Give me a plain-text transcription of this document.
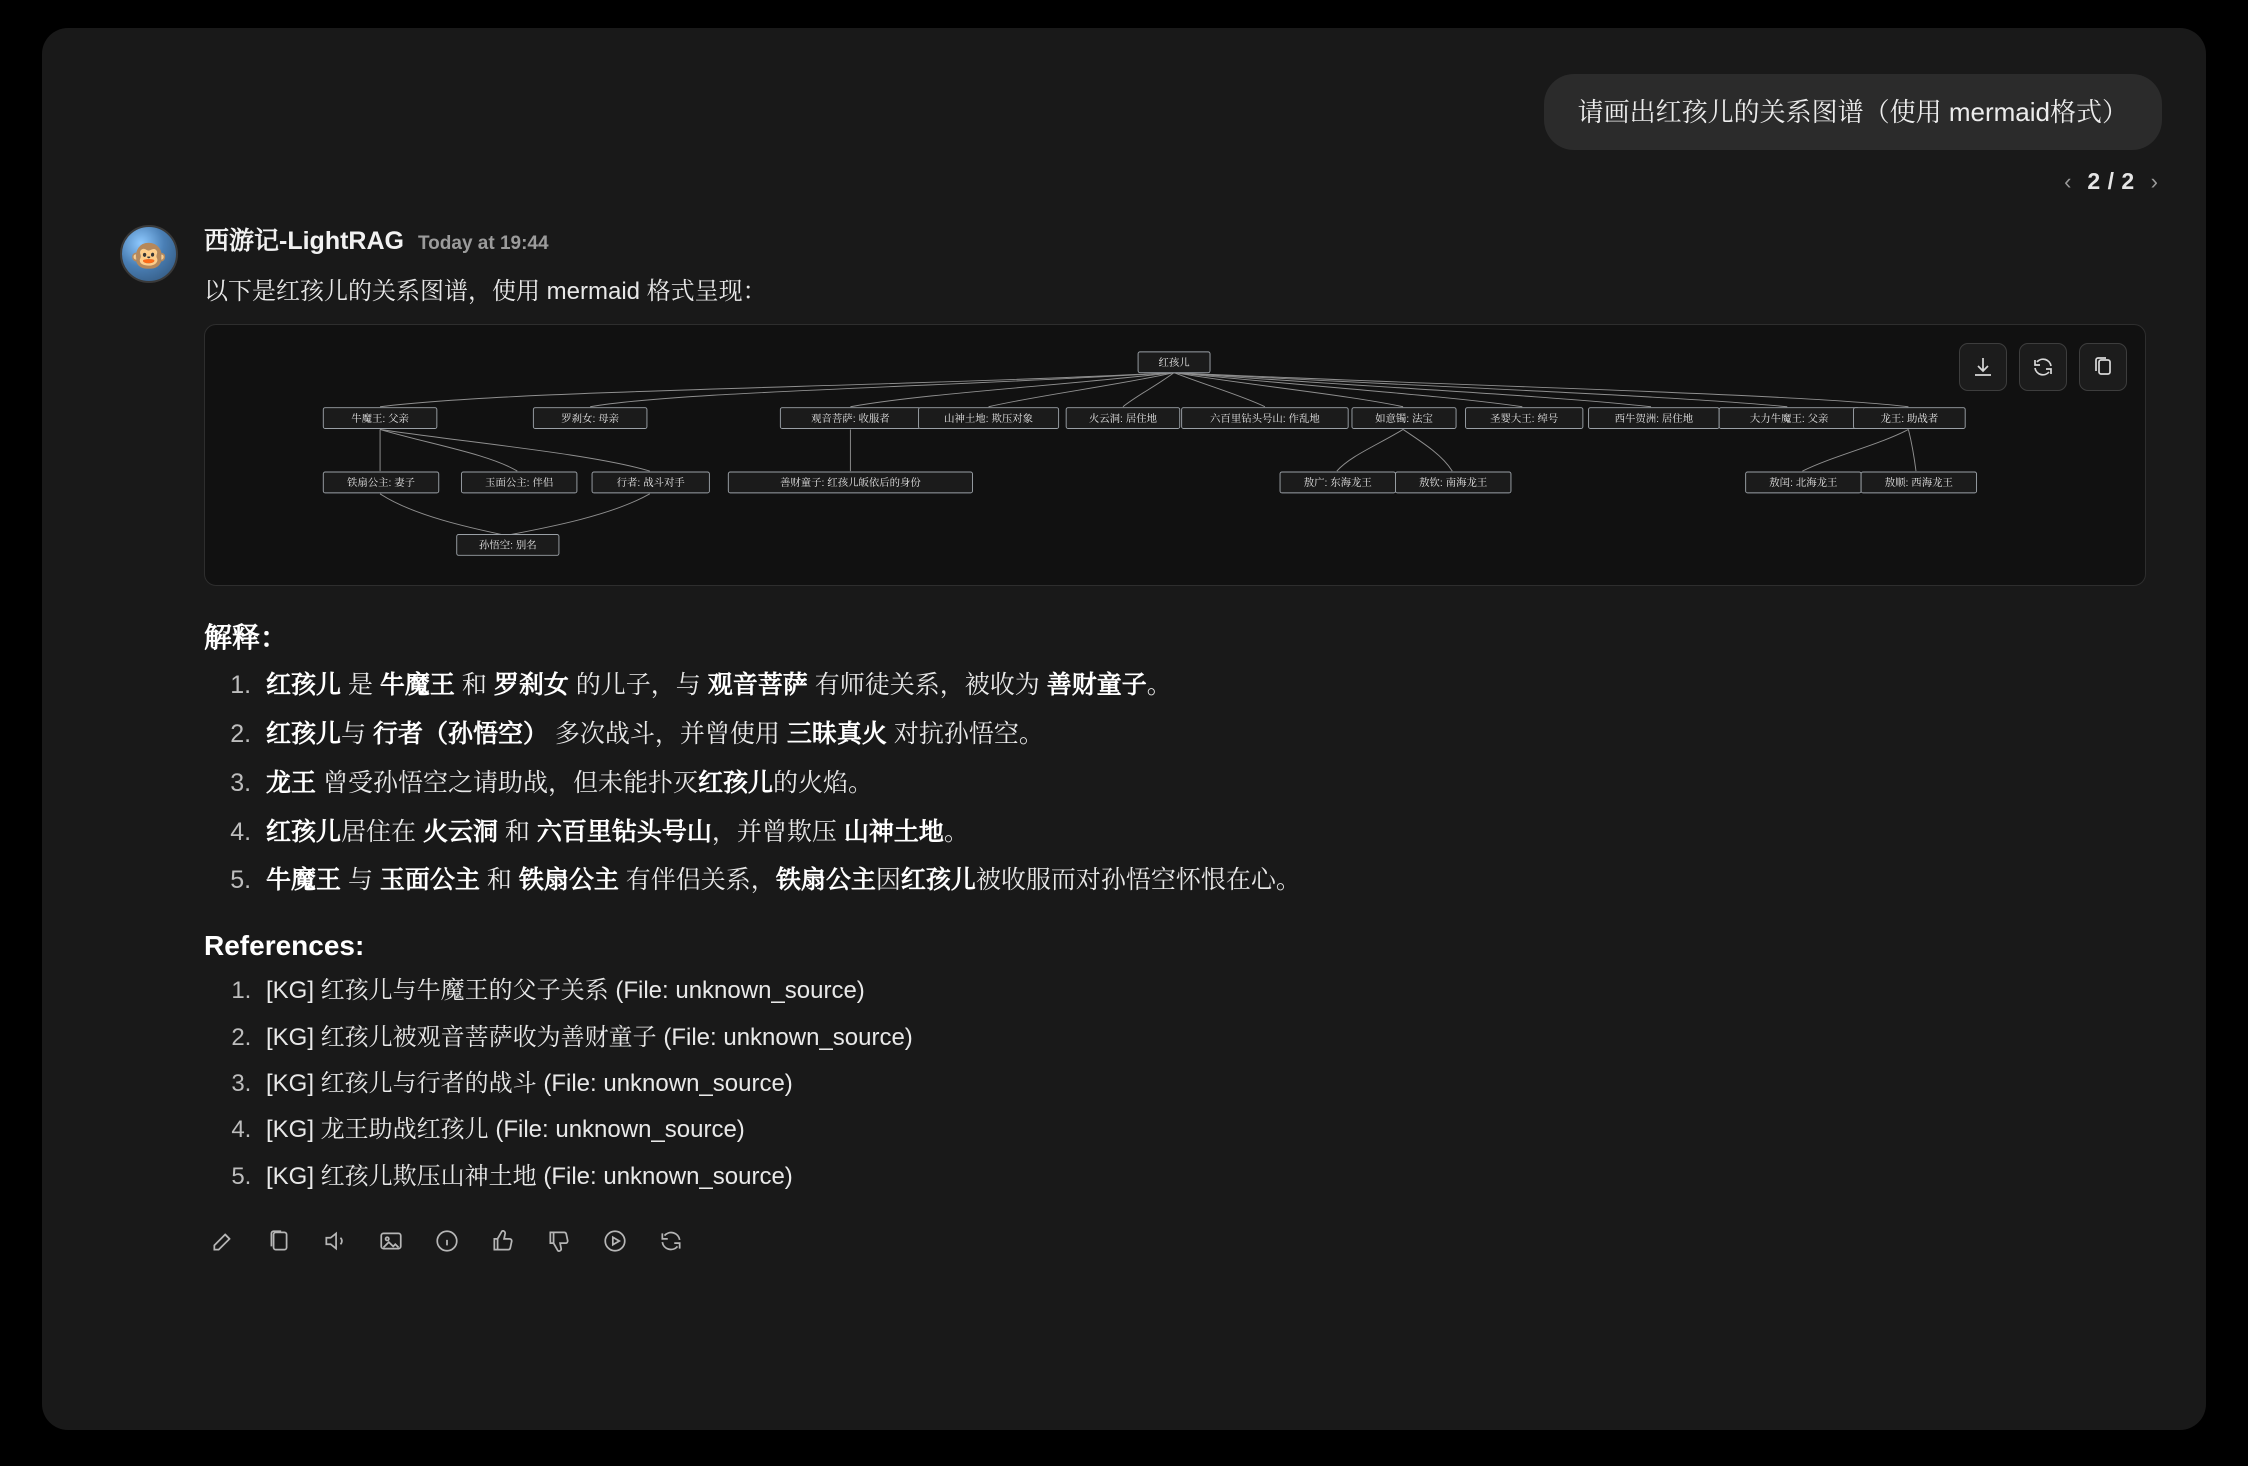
请画出红孩儿的关系图谱（使用 mermaid格式）
‹ 2 / 2 ›
🐵 西游记-LightRAG Today at 19:44
以下是红孩儿的关系图谱，使用 mermaid 格式呈现：
红孩儿
牛魔王: 父亲	罗刹女: 母亲	观音菩萨: 收服者	山神土地: 欺压对象	火云洞: 居住地	六百里钻头号山: 作乱地	如意镯: 法宝	圣婴大王: 绰号	西牛贺洲: 居住地	大力牛魔王: 父亲	龙王: 助战者
铁扇公主: 妻子	玉面公主: 伴侣	行者: 战斗对手	善财童子: 红孩儿皈依后的身份	敖广: 东海龙王	敖钦: 南海龙王	敖闰: 北海龙王	敖顺: 西海龙王
孙悟空: 别名
解释：
1. 红孩儿 是 牛魔王 和 罗刹女 的儿子，与 观音菩萨 有师徒关系，被收为 善财童子。
2. 红孩儿与 行者（孙悟空） 多次战斗，并曾使用 三昧真火 对抗孙悟空。
3. 龙王 曾受孙悟空之请助战，但未能扑灭红孩儿的火焰。
4. 红孩儿居住在 火云洞 和 六百里钻头号山，并曾欺压 山神土地。
5. 牛魔王 与 玉面公主 和 铁扇公主 有伴侣关系，铁扇公主因红孩儿被收服而对孙悟空怀恨在心。
References:
1. [KG] 红孩儿与牛魔王的父子关系 (File: unknown_source)
2. [KG] 红孩儿被观音菩萨收为善财童子 (File: unknown_source)
3. [KG] 红孩儿与行者的战斗 (File: unknown_source)
4. [KG] 龙王助战红孩儿 (File: unknown_source)
5. [KG] 红孩儿欺压山神土地 (File: unknown_source)
